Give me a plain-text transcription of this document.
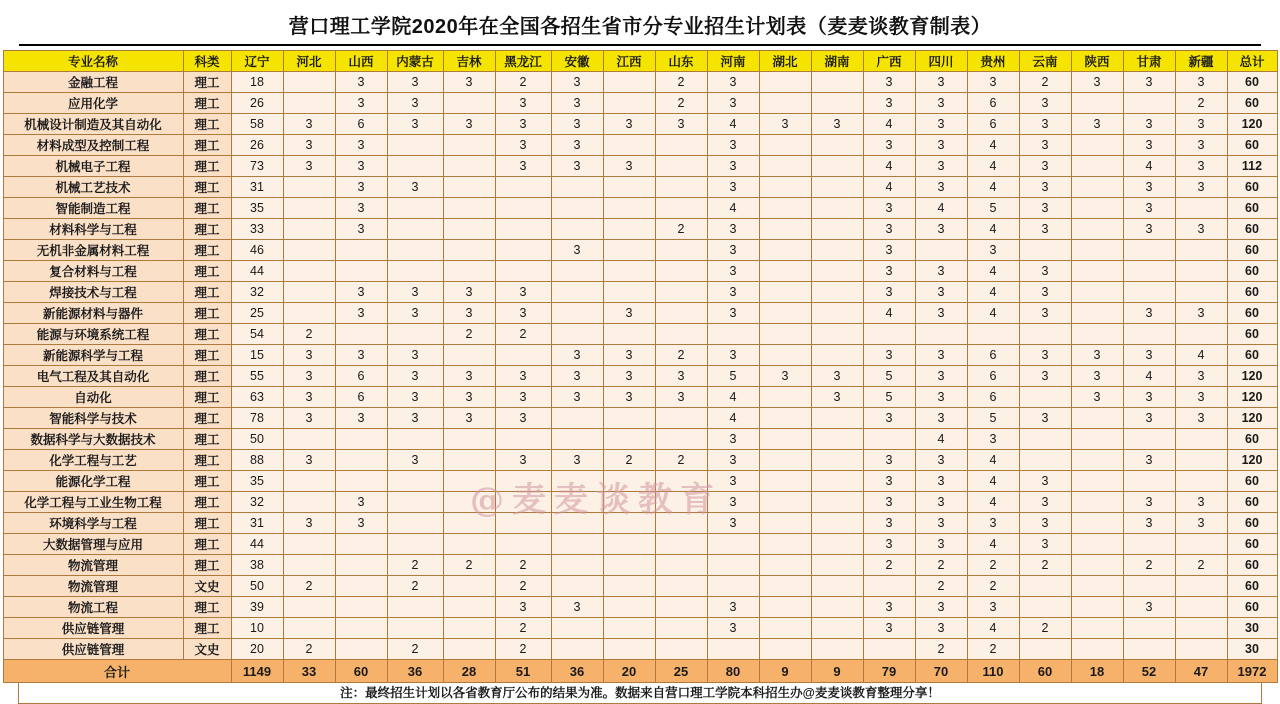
营口理工学院2020年在全国各招生省市分专业招生计划表（麦麦谈教育制表）
专业名称	科类	辽宁	河北	山西	内蒙古	吉林	黑龙江	安徽	江西	山东	河南	湖北	湖南	广西	四川	贵州	云南	陕西	甘肃	新疆	总计
金融工程	理工	18		3	3	3	2	3		2	3			3	3	3	2	3	3	3	60
应用化学	理工	26		3	3		3	3		2	3			3	3	6	3			2	60
机械设计制造及其自动化	理工	58	3	6	3	3	3	3	3	3	4	3	3	4	3	6	3	3	3	3	120
材料成型及控制工程	理工	26	3	3			3	3			3			3	3	4	3		3	3	60
机械电子工程	理工	73	3	3			3	3	3		3			4	3	4	3		4	3	112
机械工艺技术	理工	31		3	3						3			4	3	4	3		3	3	60
智能制造工程	理工	35		3							4			3	4	5	3		3		60
材料科学与工程	理工	33		3						2	3			3	3	4	3		3	3	60
无机非金属材料工程	理工	46						3			3			3		3					60
复合材料与工程	理工	44									3			3	3	4	3				60
焊接技术与工程	理工	32		3	3	3	3				3			3	3	4	3				60
新能源材料与器件	理工	25		3	3	3	3		3		3			4	3	4	3		3	3	60
能源与环境系统工程	理工	54	2			2	2														60
新能源科学与工程	理工	15	3	3	3			3	3	2	3			3	3	6	3	3	3	4	60
电气工程及其自动化	理工	55	3	6	3	3	3	3	3	3	5	3	3	5	3	6	3	3	4	3	120
自动化	理工	63	3	6	3	3	3	3	3	3	4		3	5	3	6		3	3	3	120
智能科学与技术	理工	78	3	3	3	3	3				4			3	3	5	3		3	3	120
数据科学与大数据技术	理工	50									3				4	3					60
化学工程与工艺	理工	88	3		3		3	3	2	2	3			3	3	4			3		120
能源化学工程	理工	35									3			3	3	4	3				60
化学工程与工业生物工程	理工	32		3							3			3	3	4	3		3	3	60
环境科学与工程	理工	31	3	3							3			3	3	3	3		3	3	60
大数据管理与应用	理工	44												3	3	4	3				60
物流管理	理工	38			2	2	2							2	2	2	2		2	2	60
物流管理	文史	50	2		2		2								2	2					60
物流工程	理工	39					3	3			3			3	3	3			3		60
供应链管理	理工	10					2				3			3	3	4	2				30
供应链管理	文史	20	2		2		2								2	2					30
合计		1149	33	60	36	28	51	36	20	25	80	9	9	79	70	110	60	18	52	47	1972
注：最终招生计划以各省教育厅公布的结果为准。数据来自营口理工学院本科招生办@麦麦谈教育整理分享！
@麦麦谈教育
